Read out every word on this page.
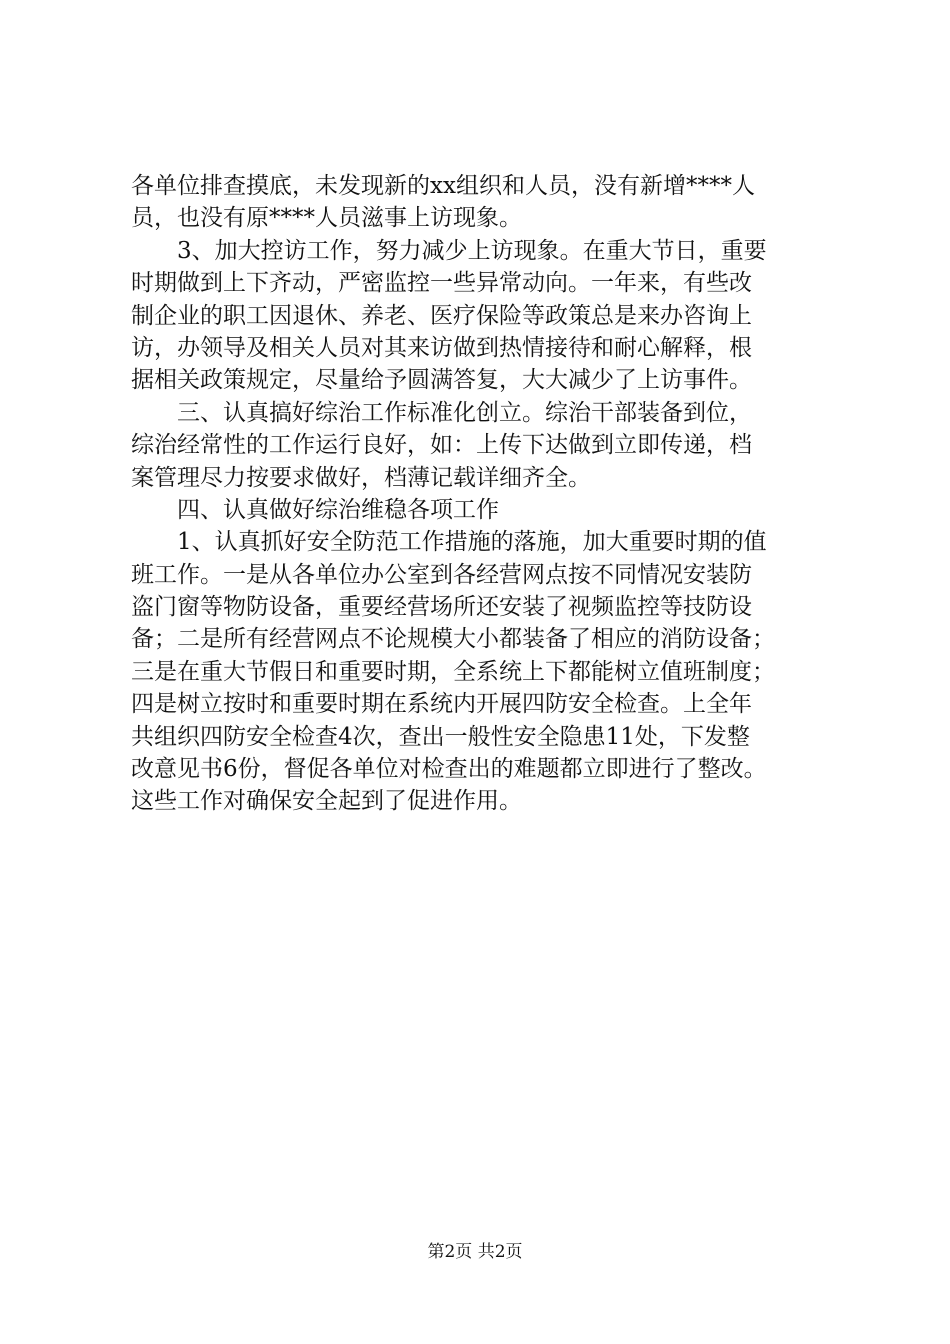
各单位排查摸底，未发现新的xx组织和人员，没有新增****人
员，也没有原****人员滋事上访现象。
　　3、加大控访工作，努力减少上访现象。在重大节日，重要
时期做到上下齐动，严密监控一些异常动向。一年来，有些改
制企业的职工因退休、养老、医疗保险等政策总是来办咨询上
访，办领导及相关人员对其来访做到热情接待和耐心解释，根
据相关政策规定，尽量给予圆满答复，大大减少了上访事件。
　　三、认真搞好综治工作标准化创立。综治干部装备到位，
综治经常性的工作运行良好，如：上传下达做到立即传递，档
案管理尽力按要求做好，档薄记载详细齐全。
　　四、认真做好综治维稳各项工作
　　1、认真抓好安全防范工作措施的落施，加大重要时期的值
班工作。一是从各单位办公室到各经营网点按不同情况安装防
盗门窗等物防设备，重要经营场所还安装了视频监控等技防设
备；二是所有经营网点不论规模大小都装备了相应的消防设备；
三是在重大节假日和重要时期，全系统上下都能树立值班制度；
四是树立按时和重要时期在系统内开展四防安全检查。上全年
共组织四防安全检查4次，查出一般性安全隐患11处，下发整
改意见书6份，督促各单位对检查出的难题都立即进行了整改。
这些工作对确保安全起到了促进作用。
第2页 共2页
